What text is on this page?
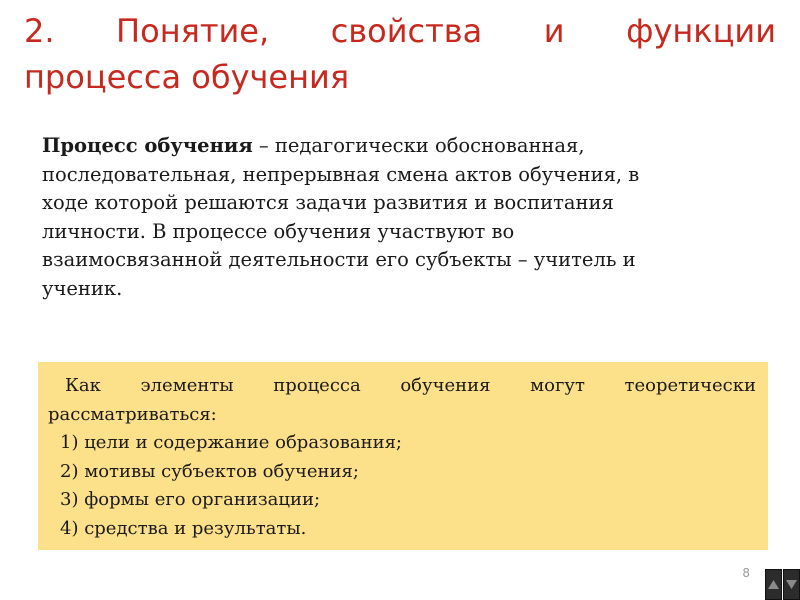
2. Понятие, свойства и функции
процесса обучения

Процесс обучения – педагогически обоснованная,
последовательная, непрерывная смена актов обучения, в
ходе которой решаются задачи развития и воспитания
личности. В процессе обучения участвуют во
взаимосвязанной деятельности его субъекты – учитель и
ученик.

Как элементы процесса обучения могут теоретически
рассматриваться:
1) цели и содержание образования;
2) мотивы субъектов обучения;
3) формы его организации;
4) средства и результаты.
8
